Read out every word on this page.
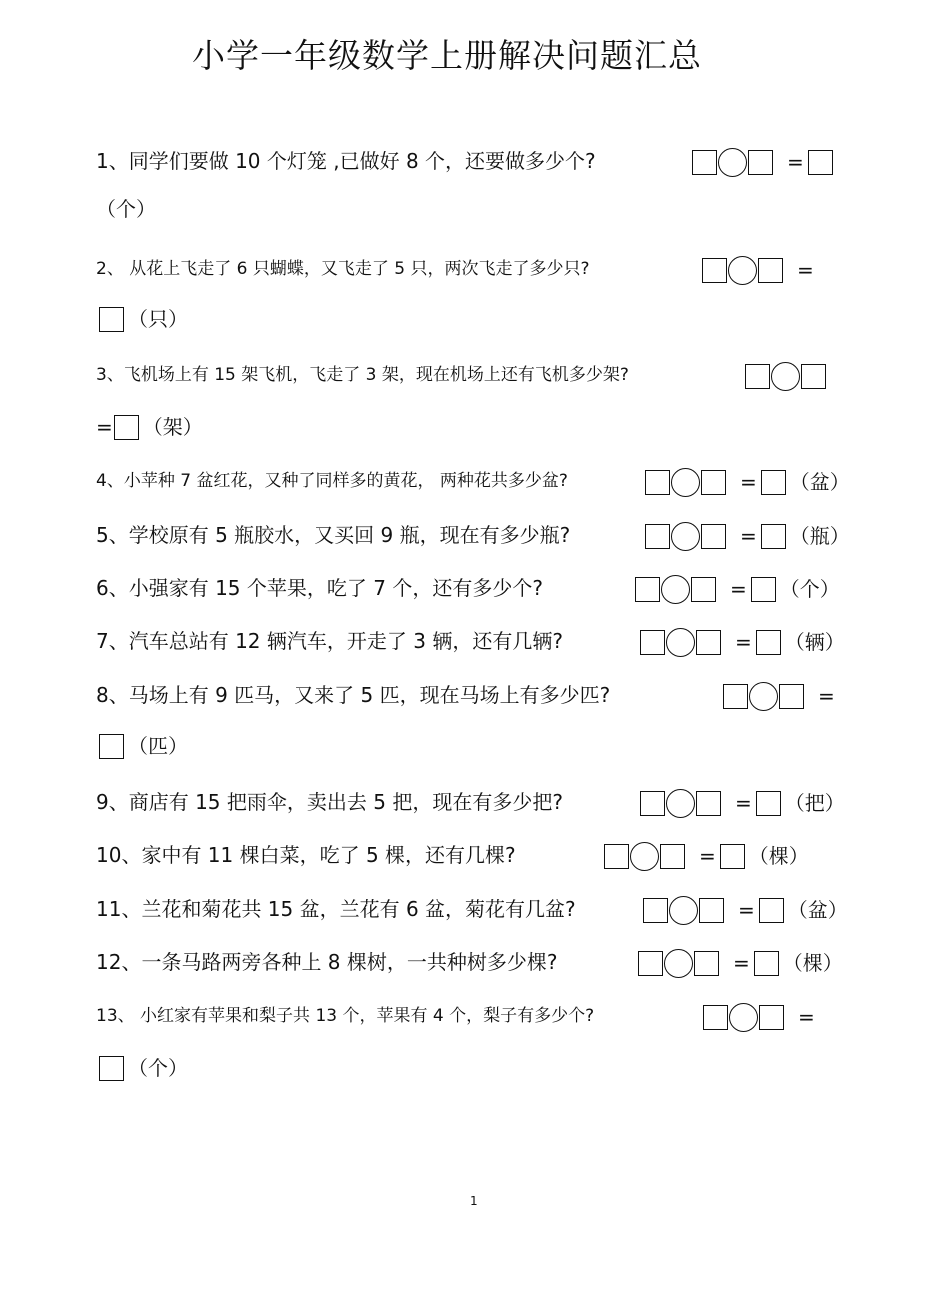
小学一年级数学上册解决问题汇总
1、同学们要做 10 个灯笼 ,已做好 8 个，还要做多少个?	=
（个）
2、 从花上飞走了 6 只蝴蝶，又飞走了 5 只，两次飞走了多少只?	=
（只）
3、飞机场上有 15 架飞机，飞走了 3 架，现在机场上还有飞机多少架?
= （架）
4、小苹种 7 盆红花，又种了同样多的黄花， 两种花共多少盆?	= （盆）
5、学校原有 5 瓶胶水，又买回 9 瓶，现在有多少瓶?	= （瓶）
6、小强家有 15 个苹果，吃了 7 个，还有多少个?	= （个）
7、汽车总站有 12 辆汽车，开走了 3 辆，还有几辆?	= （辆）
8、马场上有 9 匹马，又来了 5 匹，现在马场上有多少匹?	=
（匹）
9、商店有 15 把雨伞，卖出去 5 把，现在有多少把?	= （把）
10、家中有 11 棵白菜，吃了 5 棵，还有几棵?	= （棵）
11、兰花和菊花共 15 盆，兰花有 6 盆，菊花有几盆?	= （盆）
12、一条马路两旁各种上 8 棵树，一共种树多少棵?	= （棵）
13、 小红家有苹果和梨子共 13 个，苹果有 4 个，梨子有多少个?	=
（个）
1
